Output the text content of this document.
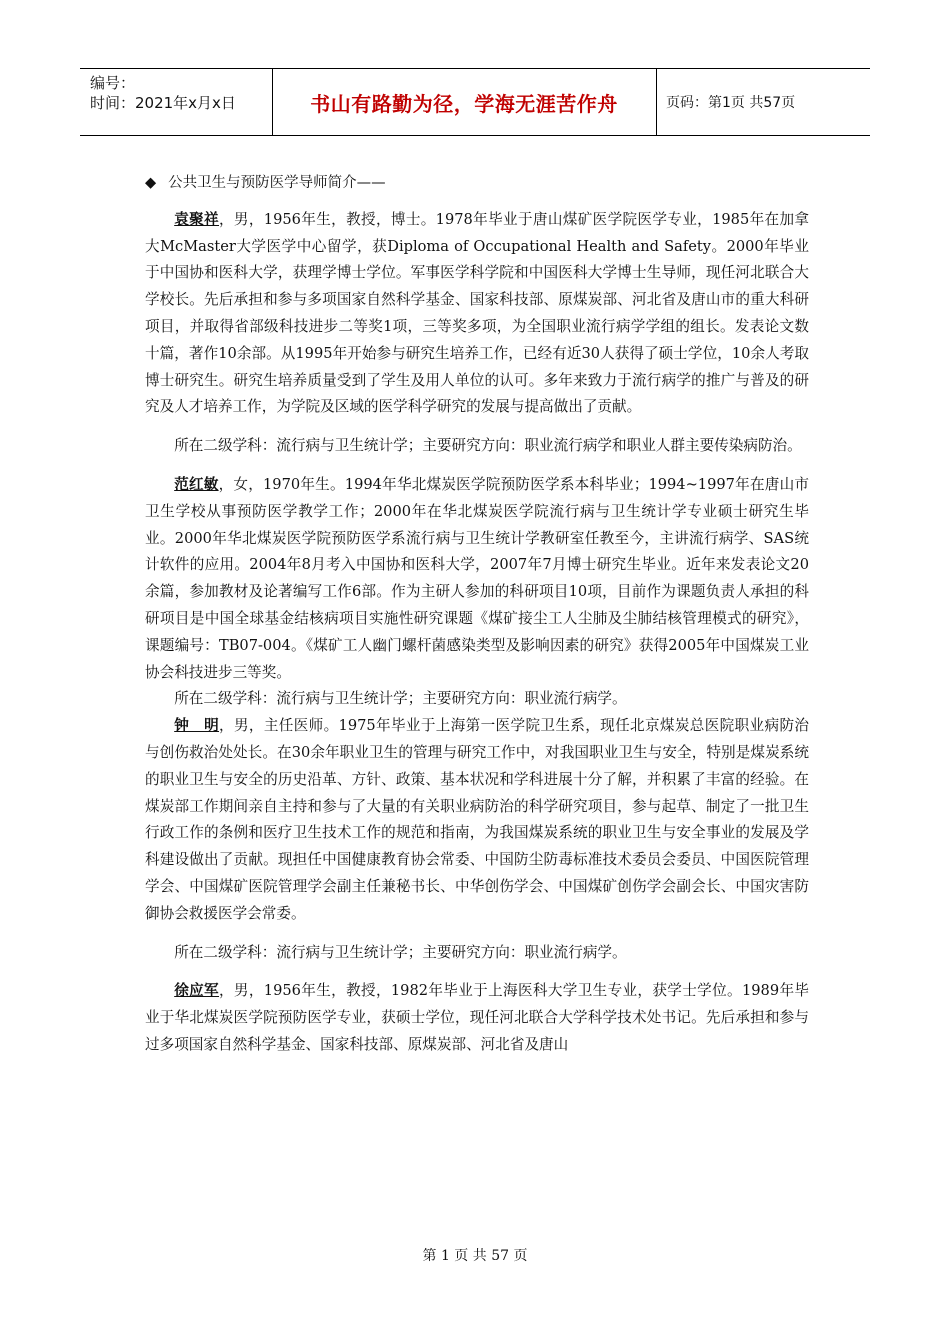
编号：
时间：2021年x月x日	书山有路勤为径，学海无涯苦作舟	页码：第1页 共57页

◆ 公共卫生与预防医学导师简介——

袁聚祥，男，1956年生，教授，博士。1978年毕业于唐山煤矿医学院医学专业，1985年在加拿大McMaster大学医学中心留学，获Diploma of Occupational Health and Safety。2000年毕业于中国协和医科大学，获理学博士学位。军事医学科学院和中国医科大学博士生导师，现任河北联合大学校长。先后承担和参与多项国家自然科学基金、国家科技部、原煤炭部、河北省及唐山市的重大科研项目，并取得省部级科技进步二等奖1项，三等奖多项，为全国职业流行病学学组的组长。发表论文数十篇，著作10余部。从1995年开始参与研究生培养工作，已经有近30人获得了硕士学位，10余人考取博士研究生。研究生培养质量受到了学生及用人单位的认可。多年来致力于流行病学的推广与普及的研究及人才培养工作，为学院及区域的医学科学研究的发展与提高做出了贡献。

所在二级学科：流行病与卫生统计学；主要研究方向：职业流行病学和职业人群主要传染病防治。

范红敏，女，1970年生。1994年华北煤炭医学院预防医学系本科毕业；1994~1997年在唐山市卫生学校从事预防医学教学工作；2000年在华北煤炭医学院流行病与卫生统计学专业硕士研究生毕业。2000年华北煤炭医学院预防医学系流行病与卫生统计学教研室任教至今，主讲流行病学、SAS统计软件的应用。2004年8月考入中国协和医科大学，2007年7月博士研究生毕业。近年来发表论文20余篇，参加教材及论著编写工作6部。作为主研人参加的科研项目10项，目前作为课题负责人承担的科研项目是中国全球基金结核病项目实施性研究课题《煤矿接尘工人尘肺及尘肺结核管理模式的研究》，课题编号：TB07-004。《煤矿工人幽门螺杆菌感染类型及影响因素的研究》获得2005年中国煤炭工业协会科技进步三等奖。

所在二级学科：流行病与卫生统计学；主要研究方向：职业流行病学。

钟　明，男，主任医师。1975年毕业于上海第一医学院卫生系，现任北京煤炭总医院职业病防治与创伤救治处处长。在30余年职业卫生的管理与研究工作中，对我国职业卫生与安全，特别是煤炭系统的职业卫生与安全的历史沿革、方针、政策、基本状况和学科进展十分了解，并积累了丰富的经验。在煤炭部工作期间亲自主持和参与了大量的有关职业病防治的科学研究项目，参与起草、制定了一批卫生行政工作的条例和医疗卫生技术工作的规范和指南，为我国煤炭系统的职业卫生与安全事业的发展及学科建设做出了贡献。现担任中国健康教育协会常委、中国防尘防毒标准技术委员会委员、中国医院管理学会、中国煤矿医院管理学会副主任兼秘书长、中华创伤学会、中国煤矿创伤学会副会长、中国灾害防御协会救援医学会常委。

所在二级学科：流行病与卫生统计学；主要研究方向：职业流行病学。

徐应军，男，1956年生，教授，1982年毕业于上海医科大学卫生专业，获学士学位。1989年毕业于华北煤炭医学院预防医学专业，获硕士学位，现任河北联合大学科学技术处书记。先后承担和参与过多项国家自然科学基金、国家科技部、原煤炭部、河北省及唐山

第 1 页 共 57 页
